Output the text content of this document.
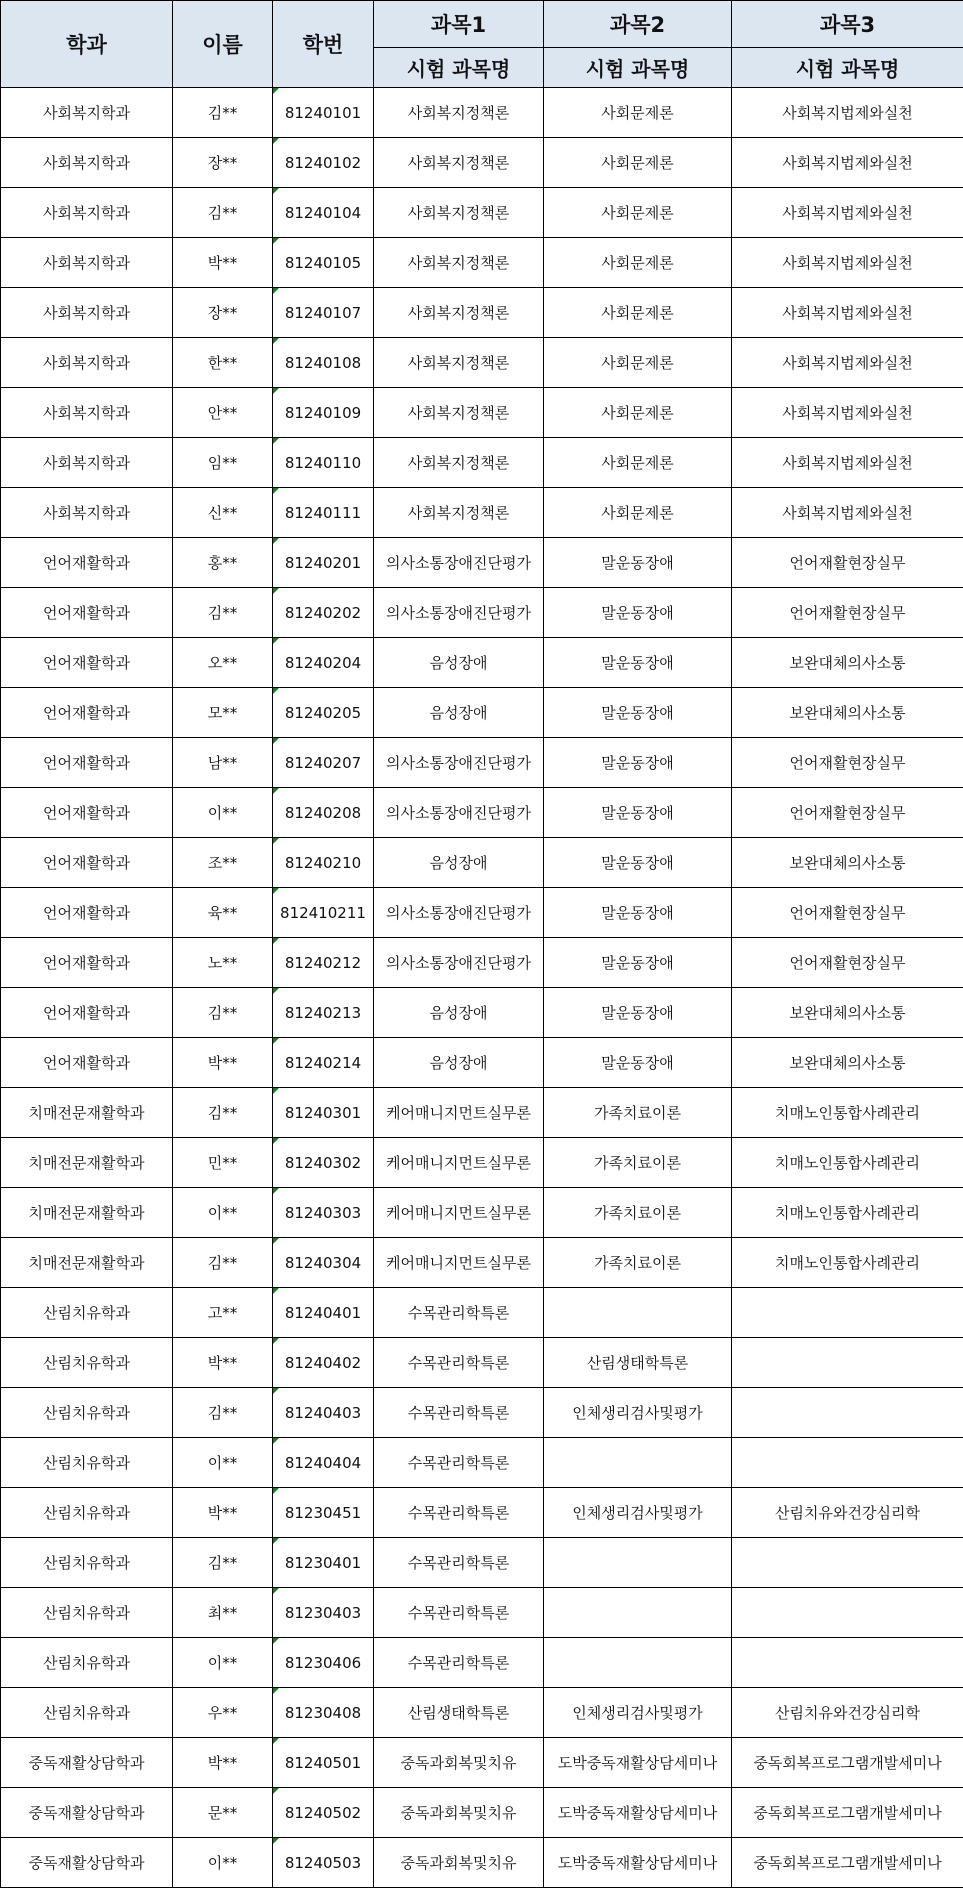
학과	이름	학번	과목1	과목2	과목3
			시험 과목명	시험 과목명	시험 과목명
사회복지학과	김**	81240101	사회복지정책론	사회문제론	사회복지법제와실천
사회복지학과	장**	81240102	사회복지정책론	사회문제론	사회복지법제와실천
사회복지학과	김**	81240104	사회복지정책론	사회문제론	사회복지법제와실천
사회복지학과	박**	81240105	사회복지정책론	사회문제론	사회복지법제와실천
사회복지학과	장**	81240107	사회복지정책론	사회문제론	사회복지법제와실천
사회복지학과	한**	81240108	사회복지정책론	사회문제론	사회복지법제와실천
사회복지학과	안**	81240109	사회복지정책론	사회문제론	사회복지법제와실천
사회복지학과	임**	81240110	사회복지정책론	사회문제론	사회복지법제와실천
사회복지학과	신**	81240111	사회복지정책론	사회문제론	사회복지법제와실천
언어재활학과	홍**	81240201	의사소통장애진단평가	말운동장애	언어재활현장실무
언어재활학과	김**	81240202	의사소통장애진단평가	말운동장애	언어재활현장실무
언어재활학과	오**	81240204	음성장애	말운동장애	보완대체의사소통
언어재활학과	모**	81240205	음성장애	말운동장애	보완대체의사소통
언어재활학과	남**	81240207	의사소통장애진단평가	말운동장애	언어재활현장실무
언어재활학과	이**	81240208	의사소통장애진단평가	말운동장애	언어재활현장실무
언어재활학과	조**	81240210	음성장애	말운동장애	보완대체의사소통
언어재활학과	육**	812410211	의사소통장애진단평가	말운동장애	언어재활현장실무
언어재활학과	노**	81240212	의사소통장애진단평가	말운동장애	언어재활현장실무
언어재활학과	김**	81240213	음성장애	말운동장애	보완대체의사소통
언어재활학과	박**	81240214	음성장애	말운동장애	보완대체의사소통
치매전문재활학과	김**	81240301	케어매니지먼트실무론	가족치료이론	치매노인통합사례관리
치매전문재활학과	민**	81240302	케어매니지먼트실무론	가족치료이론	치매노인통합사례관리
치매전문재활학과	이**	81240303	케어매니지먼트실무론	가족치료이론	치매노인통합사례관리
치매전문재활학과	김**	81240304	케어매니지먼트실무론	가족치료이론	치매노인통합사례관리
산림치유학과	고**	81240401	수목관리학특론		
산림치유학과	박**	81240402	수목관리학특론	산림생태학특론	
산림치유학과	김**	81240403	수목관리학특론	인체생리검사및평가	
산림치유학과	이**	81240404	수목관리학특론		
산림치유학과	박**	81230451	수목관리학특론	인체생리검사및평가	산림치유와건강심리학
산림치유학과	김**	81230401	수목관리학특론		
산림치유학과	최**	81230403	수목관리학특론		
산림치유학과	이**	81230406	수목관리학특론		
산림치유학과	우**	81230408	산림생태학특론	인체생리검사및평가	산림치유와건강심리학
중독재활상담학과	박**	81240501	중독과회복및치유	도박중독재활상담세미나	중독회복프로그램개발세미나
중독재활상담학과	문**	81240502	중독과회복및치유	도박중독재활상담세미나	중독회복프로그램개발세미나
중독재활상담학과	이**	81240503	중독과회복및치유	도박중독재활상담세미나	중독회복프로그램개발세미나
